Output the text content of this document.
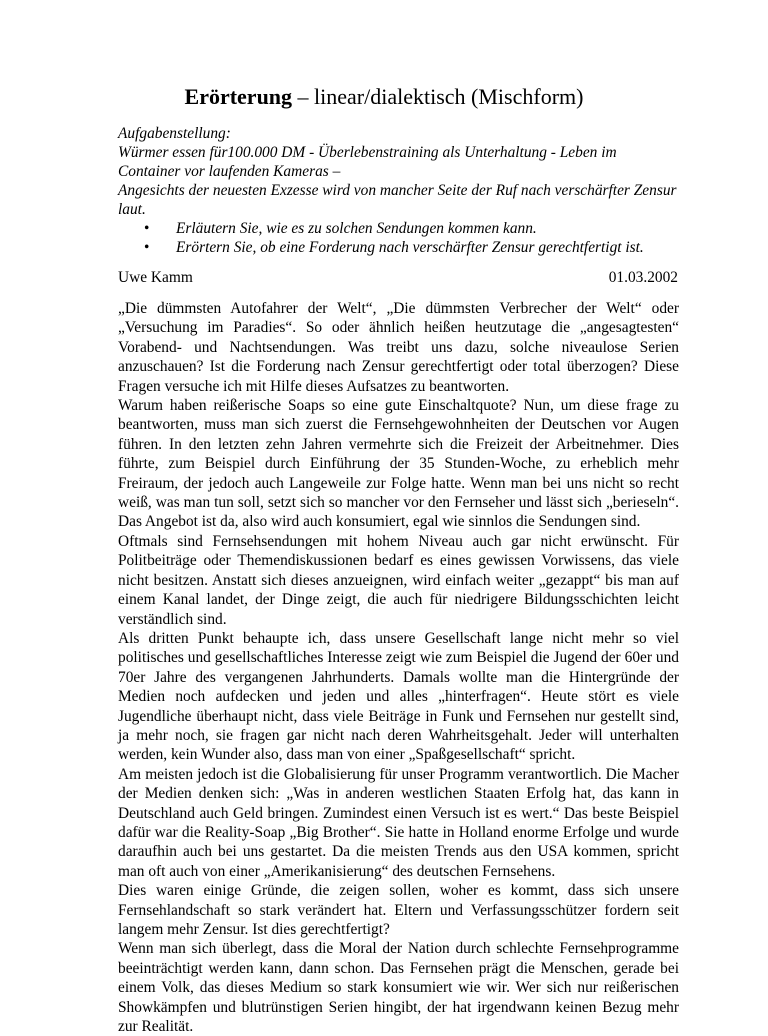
Erörterung – linear/dialektisch (Mischform)

Aufgabenstellung:

Würmer essen für100.000 DM - Überlebenstraining als Unterhaltung - Leben im Container vor laufenden Kameras –

Angesichts der neuesten Exzesse wird von mancher Seite der Ruf nach verschärfter Zensur laut.

• Erläutern Sie, wie es zu solchen Sendungen kommen kann.
• Erörtern Sie, ob eine Forderung nach verschärfter Zensur gerechtfertigt ist.
Uwe Kamm	01.03.2002

„Die dümmsten Autofahrer der Welt“, „Die dümmsten Verbrecher der Welt“ oder „Versuchung im Paradies“. So oder ähnlich heißen heutzutage die „angesagtesten“ Vorabend- und Nachtsendungen. Was treibt uns dazu, solche niveaulose Serien anzuschauen? Ist die Forderung nach Zensur gerechtfertigt oder total überzogen? Diese Fragen versuche ich mit Hilfe dieses Aufsatzes zu beantworten.

Warum haben reißerische Soaps so eine gute Einschaltquote? Nun, um diese frage zu beantworten, muss man sich zuerst die Fernsehgewohnheiten der Deutschen vor Augen führen. In den letzten zehn Jahren vermehrte sich die Freizeit der Arbeitnehmer. Dies führte, zum Beispiel durch Einführung der 35 Stunden-Woche, zu erheblich mehr Freiraum, der jedoch auch Langeweile zur Folge hatte. Wenn man bei uns nicht so recht weiß, was man tun soll, setzt sich so mancher vor den Fernseher und lässt sich „berieseln“. Das Angebot ist da, also wird auch konsumiert, egal wie sinnlos die Sendungen sind.

Oftmals sind Fernsehsendungen mit hohem Niveau auch gar nicht erwünscht. Für Politbeiträge oder Themendiskussionen bedarf es eines gewissen Vorwissens, das viele nicht besitzen. Anstatt sich dieses anzueignen, wird einfach weiter „gezappt“ bis man auf einem Kanal landet, der Dinge zeigt, die auch für niedrigere Bildungsschichten leicht verständlich sind.

Als dritten Punkt behaupte ich, dass unsere Gesellschaft lange nicht mehr so viel politisches und gesellschaftliches Interesse zeigt wie zum Beispiel die Jugend der 60er und 70er Jahre des vergangenen Jahrhunderts. Damals wollte man die Hintergründe der Medien noch aufdecken und jeden und alles „hinterfragen“. Heute stört es viele Jugendliche überhaupt nicht, dass viele Beiträge in Funk und Fernsehen nur gestellt sind, ja mehr noch, sie fragen gar nicht nach deren Wahrheitsgehalt. Jeder will unterhalten werden, kein Wunder also, dass man von einer „Spaßgesellschaft“ spricht.

Am meisten jedoch ist die Globalisierung für unser Programm verantwortlich. Die Macher der Medien denken sich: „Was in anderen westlichen Staaten Erfolg hat, das kann in Deutschland auch Geld bringen. Zumindest einen Versuch ist es wert.“ Das beste Beispiel dafür war die Reality-Soap „Big Brother“. Sie hatte in Holland enorme Erfolge und wurde daraufhin auch bei uns gestartet. Da die meisten Trends aus den USA kommen, spricht man oft auch von einer „Amerikanisierung“ des deutschen Fernsehens.

Dies waren einige Gründe, die zeigen sollen, woher es kommt, dass sich unsere Fernsehlandschaft so stark verändert hat. Eltern und Verfassungsschützer fordern seit langem mehr Zensur. Ist dies gerechtfertigt?

Wenn man sich überlegt, dass die Moral der Nation durch schlechte Fernsehprogramme beeinträchtigt werden kann, dann schon. Das Fernsehen prägt die Menschen, gerade bei einem Volk, das dieses Medium so stark konsumiert wie wir. Wer sich nur reißerischen Showkämpfen und blutrünstigen Serien hingibt, der hat irgendwann keinen Bezug mehr zur Realität.
